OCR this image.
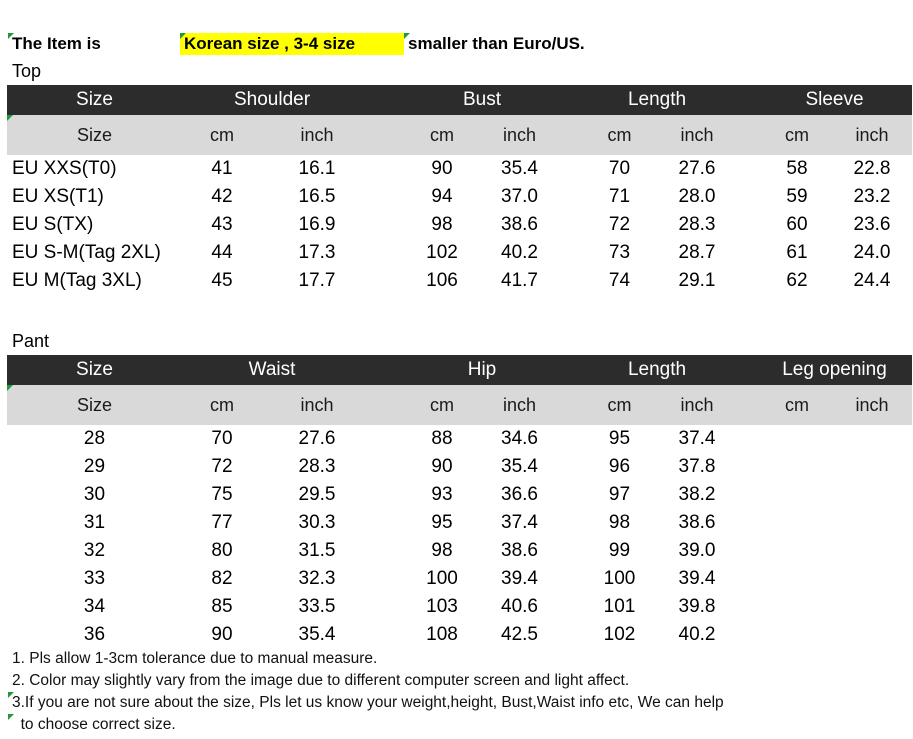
The Item is	Korean size , 3-4 size	smaller than Euro/US.
Top
Size	Shoulder	Bust	Length	Sleeve
Size	cm	inch	cm	inch	cm	inch	cm	inch
EU XXS(T0)	41	16.1	90	35.4	70	27.6	58	22.8
EU XS(T1)	42	16.5	94	37.0	71	28.0	59	23.2
EU S(TX)	43	16.9	98	38.6	72	28.3	60	23.6
EU S-M(Tag 2XL)	44	17.3	102	40.2	73	28.7	61	24.0
EU M(Tag 3XL)	45	17.7	106	41.7	74	29.1	62	24.4
Pant
Size	Waist	Hip	Length	Leg opening
Size	cm	inch	cm	inch	cm	inch	cm	inch
28	70	27.6	88	34.6	95	37.4
29	72	28.3	90	35.4	96	37.8
30	75	29.5	93	36.6	97	38.2
31	77	30.3	95	37.4	98	38.6
32	80	31.5	98	38.6	99	39.0
33	82	32.3	100	39.4	100	39.4
34	85	33.5	103	40.6	101	39.8
36	90	35.4	108	42.5	102	40.2
1. Pls allow 1-3cm tolerance due to manual measure.
2. Color may slightly vary from the image due to different computer screen and light affect.
3.If you are not sure about the size, Pls let us know your weight,height, Bust,Waist info etc, We can help
to choose correct size.
